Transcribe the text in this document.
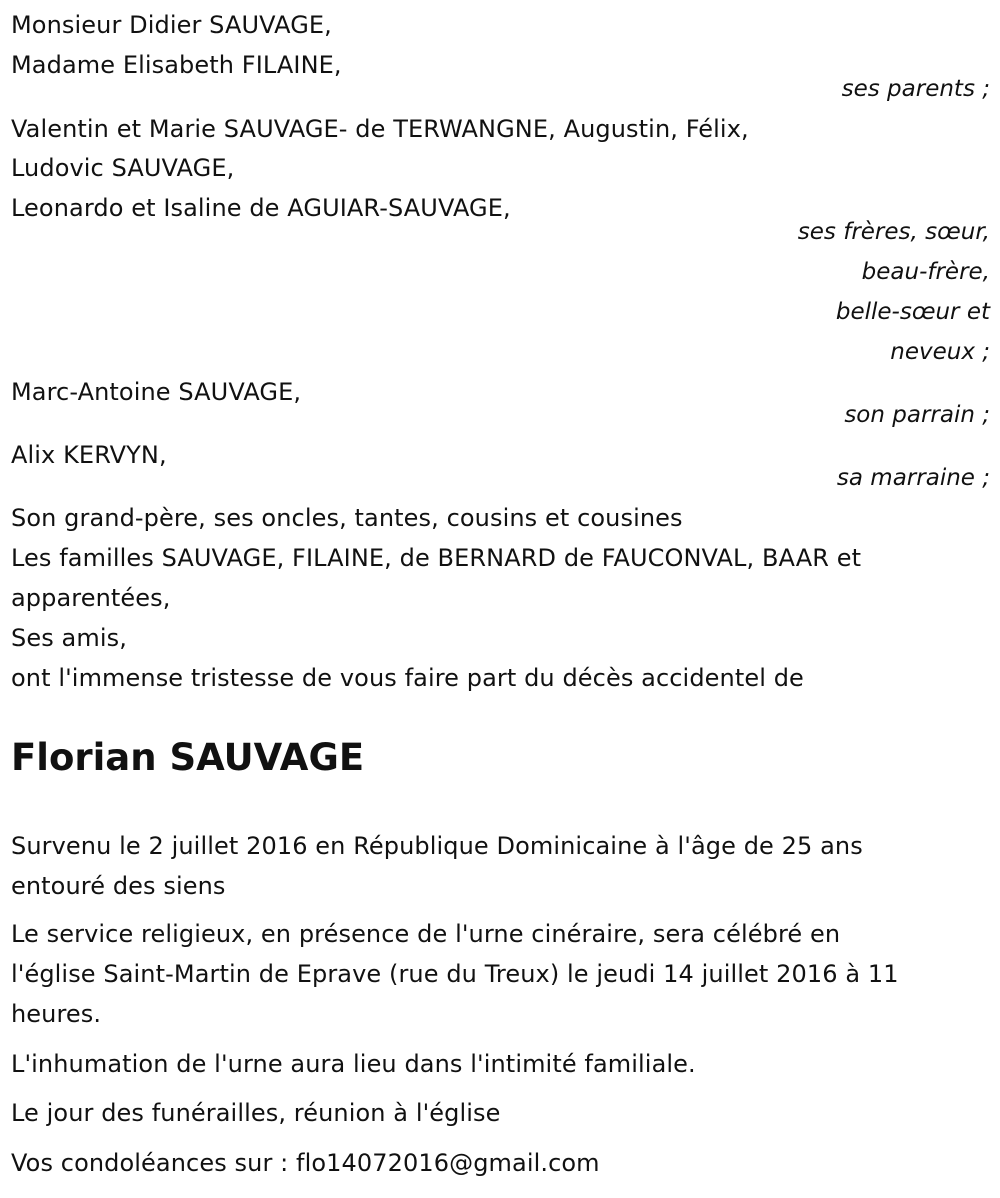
Monsieur Didier SAUVAGE,
Madame Elisabeth FILAINE,
ses parents ;
Valentin et Marie SAUVAGE- de TERWANGNE, Augustin, Félix,
Ludovic SAUVAGE,
Leonardo et Isaline de AGUIAR-SAUVAGE,
ses frères, sœur,
beau-frère,
belle-sœur et
neveux ;
Marc-Antoine SAUVAGE,
son parrain ;
Alix KERVYN,
sa marraine ;
Son grand-père, ses oncles, tantes, cousins et cousines
Les familles SAUVAGE, FILAINE, de BERNARD de FAUCONVAL, BAAR et
apparentées,
Ses amis,
ont l'immense tristesse de vous faire part du décès accidentel de
Florian SAUVAGE
Survenu le 2 juillet 2016 en République Dominicaine à l'âge de 25 ans
entouré des siens
Le service religieux, en présence de l'urne cinéraire, sera célébré en
l'église Saint-Martin de Eprave (rue du Treux) le jeudi 14 juillet 2016 à 11
heures.
L'inhumation de l'urne aura lieu dans l'intimité familiale.
Le jour des funérailles, réunion à l'église
Vos condoléances sur : flo14072016@gmail.com
